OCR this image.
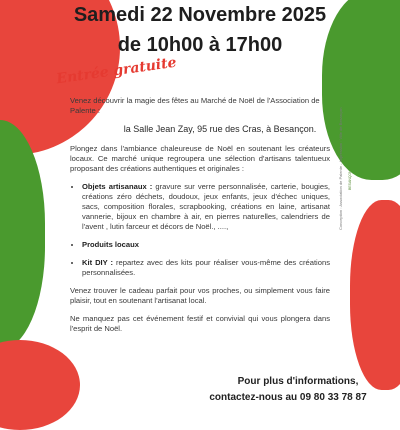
Samedi 22 Novembre 2025
de 10h00 à 17h00
Entrée gratuite

Venez découvrir la magie des fêtes au Marché de Noël de l'Association de Palente :

la Salle Jean Zay, 95 rue des Cras, à Besançon.

Plongez dans l'ambiance chaleureuse de Noël en soutenant les créateurs locaux. Ce marché unique regroupera une sélection d'artisans talentueux proposant des créations authentiques et originales :

• Objets artisanaux : gravure sur verre personnalisée, carterie, bougies, créations zéro déchets, doudoux, jeux enfants, jeux d'échec uniques, sacs, composition florales, scrapbooking, créations en laine, artisanat vannerie, bijoux en chambre à air, en pierres naturelles, calendriers de l'avent , lutin farceur et décors de Noël., ....,
• Produits locaux
• Kit DIY : repartez avec des kits pour réaliser vous-même des créations personnalisées.

Venez trouver le cadeau parfait pour vos proches, ou simplement vous faire plaisir, tout en soutenant l'artisanat local.

Ne manquez pas cet événement festif et convivial qui vous plongera dans l'esprit de Noël.

Pour plus d'informations,

contactez-nous au 09 80 33 78 87

Conception : Association de Palente - Impression : Ville de Besançon BESANÇON
